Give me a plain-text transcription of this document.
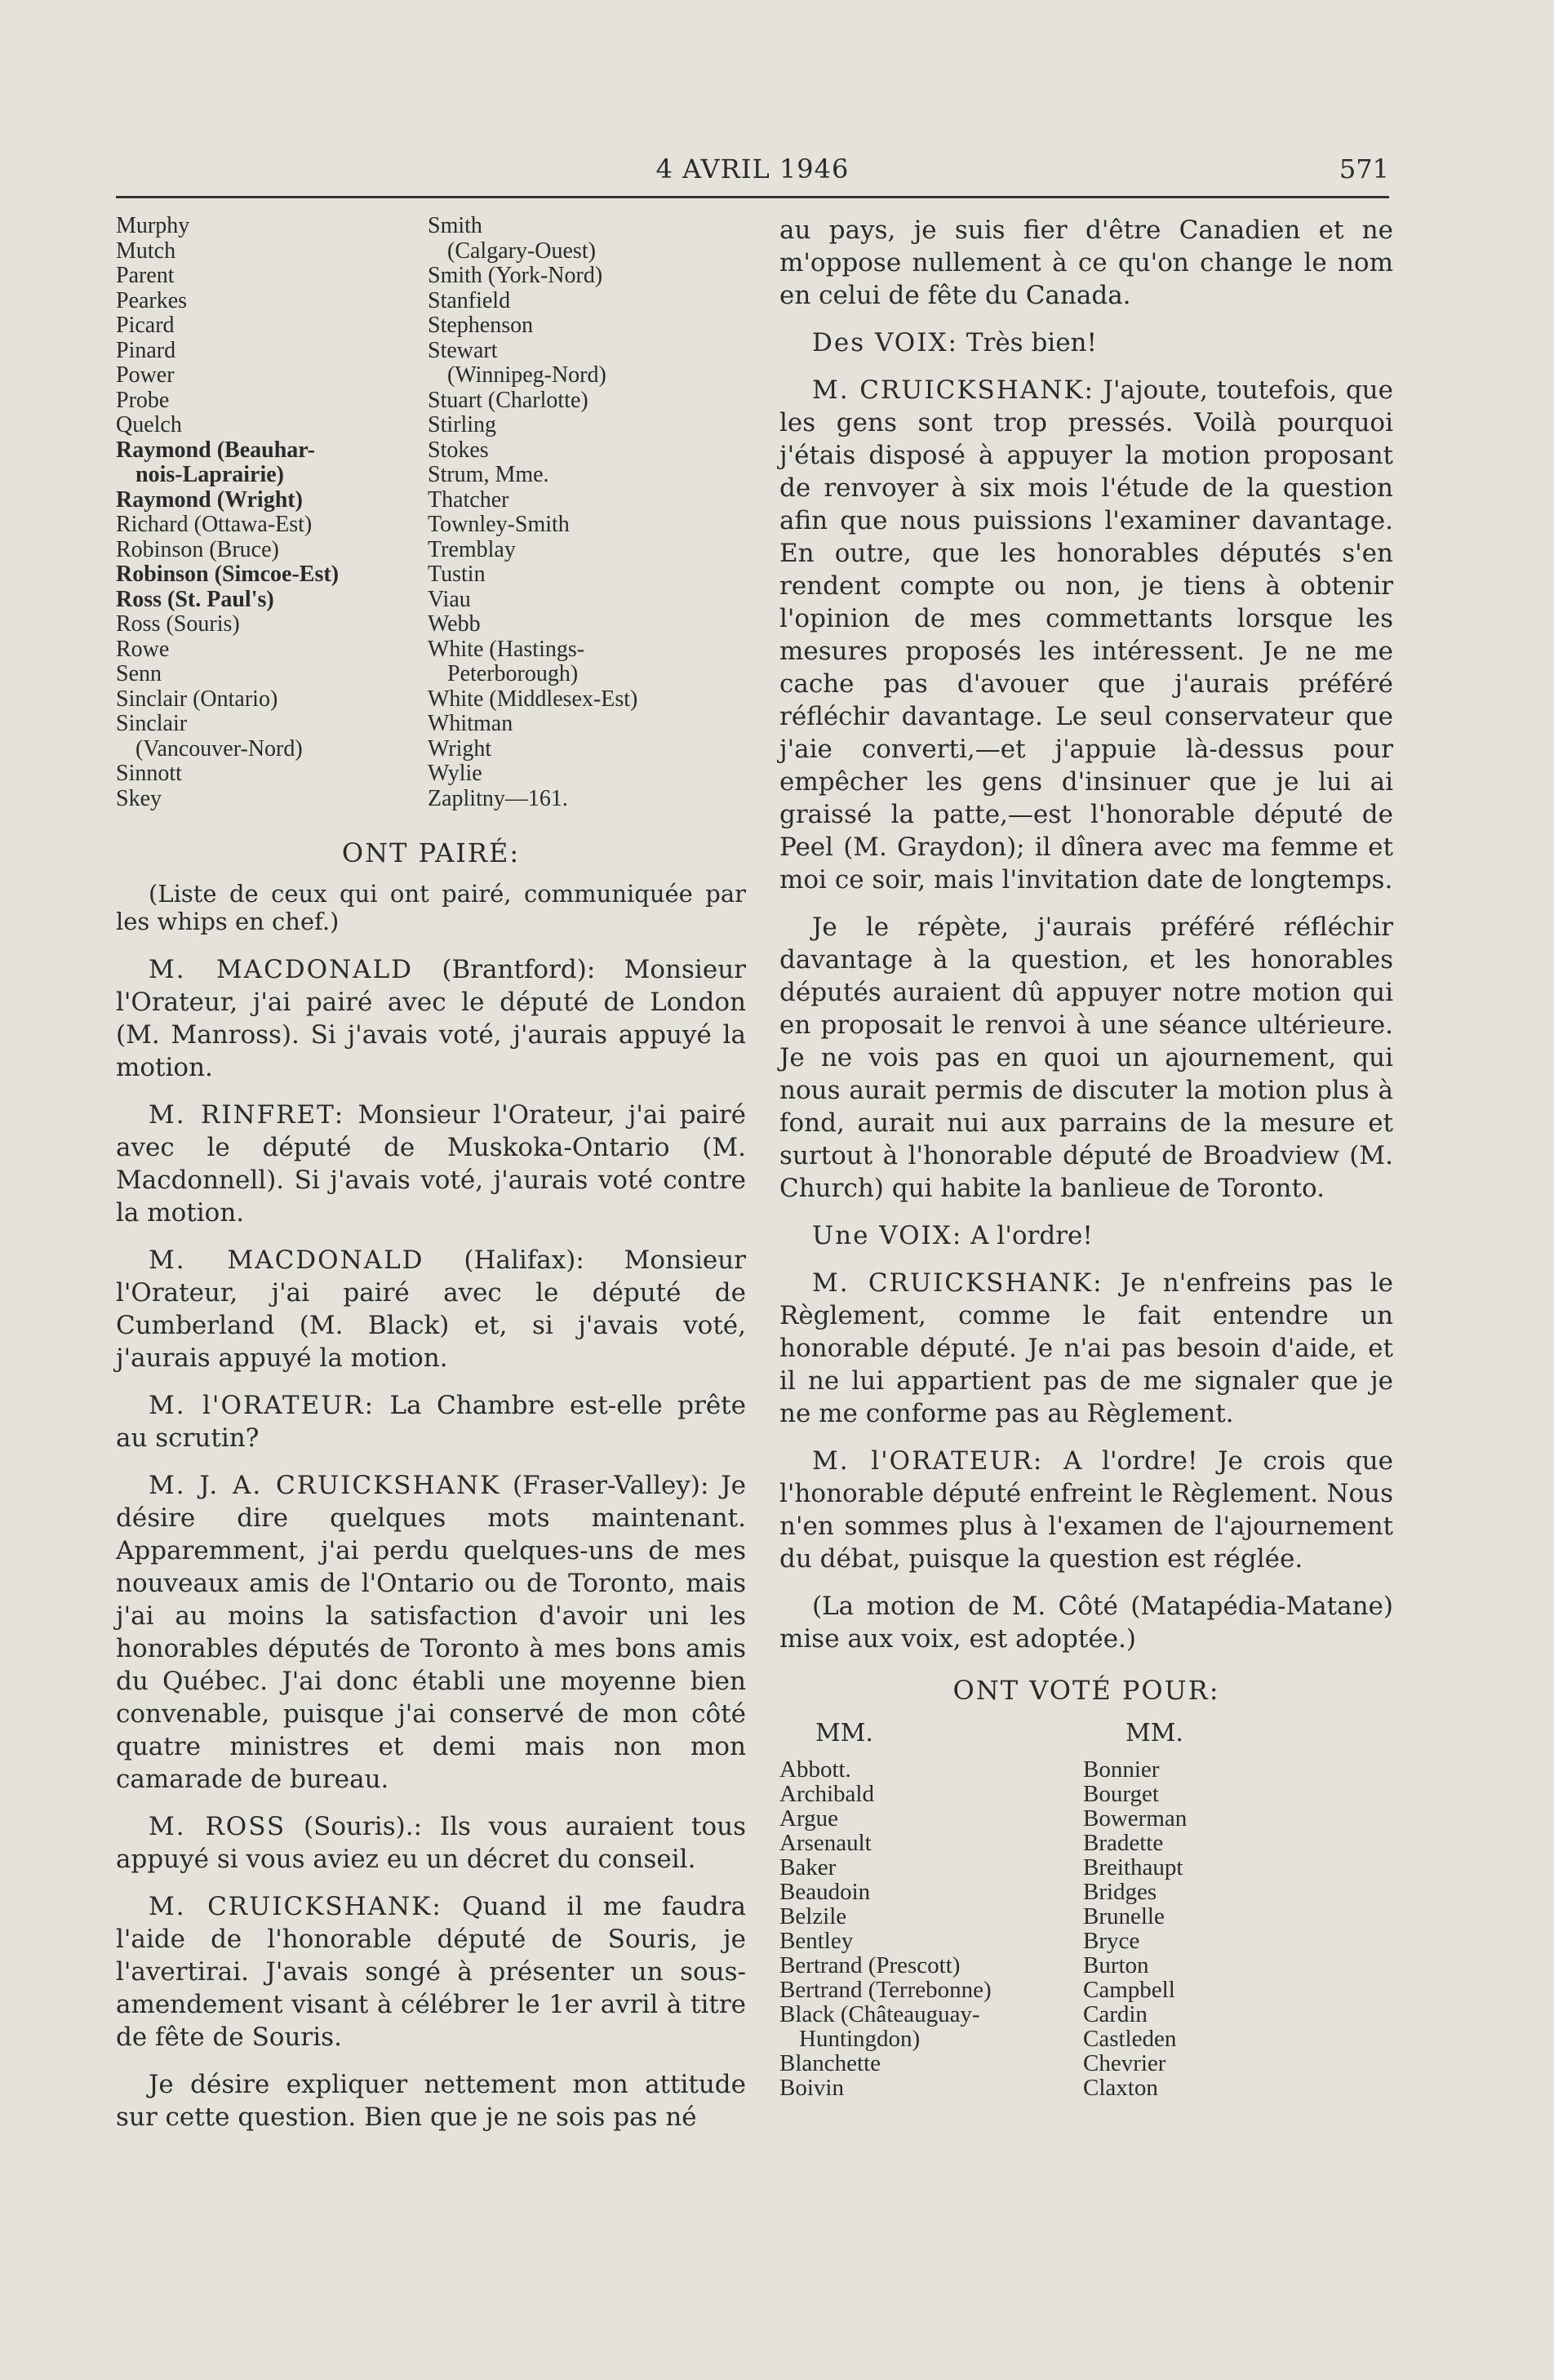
4 AVRIL 1946	571
Murphy
Mutch
Parent
Pearkes
Picard
Pinard
Power
Probe
Quelch
Raymond (Beauhar-
nois-Laprairie)
Raymond (Wright)
Richard (Ottawa-Est)
Robinson (Bruce)
Robinson (Simcoe-Est)
Ross (St. Paul's)
Ross (Souris)
Rowe
Senn
Sinclair (Ontario)
Sinclair
(Vancouver-Nord)
Sinnott
Skey
Smith
(Calgary-Ouest)
Smith (York-Nord)
Stanfield
Stephenson
Stewart
(Winnipeg-Nord)
Stuart (Charlotte)
Stirling
Stokes
Strum, Mme.
Thatcher
Townley-Smith
Tremblay
Tustin
Viau
Webb
White (Hastings-
Peterborough)
White (Middlesex-Est)
Whitman
Wright
Wylie
Zaplitny—161.
ONT PAIRÉ:

(Liste de ceux qui ont pairé, communiquée par les whips en chef.)

M. MACDONALD (Brantford): Monsieur l'Orateur, j'ai pairé avec le député de London (M. Manross). Si j'avais voté, j'aurais appuyé la motion.

M. RINFRET: Monsieur l'Orateur, j'ai pairé avec le député de Muskoka-Ontario (M. Macdonnell). Si j'avais voté, j'aurais voté contre la motion.

M. MACDONALD (Halifax): Monsieur l'Orateur, j'ai pairé avec le député de Cumberland (M. Black) et, si j'avais voté, j'aurais appuyé la motion.

M. l'ORATEUR: La Chambre est-elle prête au scrutin?

M. J. A. CRUICKSHANK (Fraser-Valley): Je désire dire quelques mots maintenant. Apparemment, j'ai perdu quelques-uns de mes nouveaux amis de l'Ontario ou de Toronto, mais j'ai au moins la satisfaction d'avoir uni les honorables députés de Toronto à mes bons amis du Québec. J'ai donc établi une moyenne bien convenable, puisque j'ai conservé de mon côté quatre ministres et demi mais non mon camarade de bureau.

M. ROSS (Souris).: Ils vous auraient tous appuyé si vous aviez eu un décret du conseil.

M. CRUICKSHANK: Quand il me faudra l'aide de l'honorable député de Souris, je l'avertirai. J'avais songé à présenter un sous-amendement visant à célébrer le 1er avril à titre de fête de Souris.

Je désire expliquer nettement mon attitude sur cette question. Bien que je ne sois pas né

au pays, je suis fier d'être Canadien et ne m'oppose nullement à ce qu'on change le nom en celui de fête du Canada.

Des VOIX: Très bien!

M. CRUICKSHANK: J'ajoute, toutefois, que les gens sont trop pressés. Voilà pourquoi j'étais disposé à appuyer la motion proposant de renvoyer à six mois l'étude de la question afin que nous puissions l'examiner davantage. En outre, que les honorables députés s'en rendent compte ou non, je tiens à obtenir l'opinion de mes commettants lorsque les mesures proposés les intéressent. Je ne me cache pas d'avouer que j'aurais préféré réfléchir davantage. Le seul conservateur que j'aie converti,—et j'appuie là-dessus pour empêcher les gens d'insinuer que je lui ai graissé la patte,—est l'honorable député de Peel (M. Graydon); il dînera avec ma femme et moi ce soir, mais l'invitation date de longtemps.

Je le répète, j'aurais préféré réfléchir davantage à la question, et les honorables députés auraient dû appuyer notre motion qui en proposait le renvoi à une séance ultérieure. Je ne vois pas en quoi un ajournement, qui nous aurait permis de discuter la motion plus à fond, aurait nui aux parrains de la mesure et surtout à l'honorable député de Broadview (M. Church) qui habite la banlieue de Toronto.

Une VOIX: A l'ordre!

M. CRUICKSHANK: Je n'enfreins pas le Règlement, comme le fait entendre un honorable député. Je n'ai pas besoin d'aide, et il ne lui appartient pas de me signaler que je ne me conforme pas au Règlement.

M. l'ORATEUR: A l'ordre! Je crois que l'honorable député enfreint le Règlement. Nous n'en sommes plus à l'examen de l'ajournement du débat, puisque la question est réglée.

(La motion de M. Côté (Matapédia-Matane) mise aux voix, est adoptée.)

ONT VOTÉ POUR:
MM.
Abbott.
Archibald
Argue
Arsenault
Baker
Beaudoin
Belzile
Bentley
Bertrand (Prescott)
Bertrand (Terrebonne)
Black (Châteauguay-
Huntingdon)
Blanchette
Boivin
MM.
Bonnier
Bourget
Bowerman
Bradette
Breithaupt
Bridges
Brunelle
Bryce
Burton
Campbell
Cardin
Castleden
Chevrier
Claxton
